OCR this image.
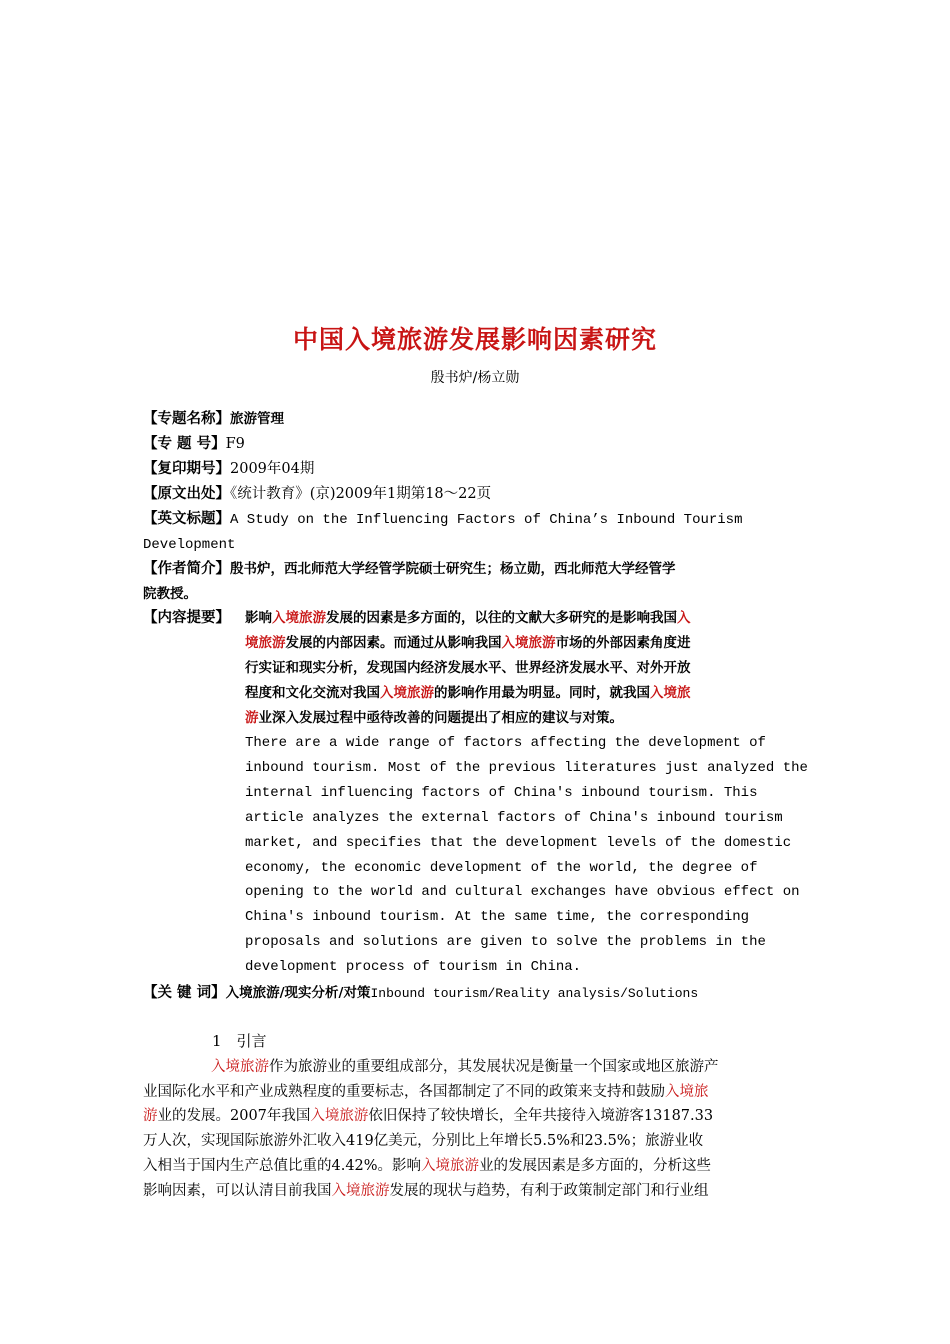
中国入境旅游发展影响因素研究
殷书炉/杨立勋
【专题名称】旅游管理
【专 题 号】F9
【复印期号】2009年04期
【原文出处】《统计教育》(京)2009年1期第18～22页
【英文标题】A Study on the Influencing Factors of China’s Inbound Tourism
Development
【作者简介】殷书炉，西北师范大学经管学院硕士研究生；杨立勋，西北师范大学经管学
院教授。
【内容提要】 影响入境旅游发展的因素是多方面的，以往的文献大多研究的是影响我国入
境旅游发展的内部因素。而通过从影响我国入境旅游市场的外部因素角度进
行实证和现实分析，发现国内经济发展水平、世界经济发展水平、对外开放
程度和文化交流对我国入境旅游的影响作用最为明显。同时，就我国入境旅
游业深入发展过程中亟待改善的问题提出了相应的建议与对策。
There are a wide range of factors affecting the development of
inbound tourism. Most of the previous literatures just analyzed the
internal influencing factors of China's inbound tourism. This
article analyzes the external factors of China's inbound tourism
market, and specifies that the development levels of the domestic
economy, the economic development of the world, the degree of
opening to the world and cultural exchanges have obvious effect on
China's inbound tourism. At the same time, the corresponding
proposals and solutions are given to solve the problems in the
development process of tourism in China.
【关 键 词】入境旅游/现实分析/对策Inbound tourism/Reality analysis/Solutions
1　引言
入境旅游作为旅游业的重要组成部分，其发展状况是衡量一个国家或地区旅游产
业国际化水平和产业成熟程度的重要标志，各国都制定了不同的政策来支持和鼓励入境旅
游业的发展。2007年我国入境旅游依旧保持了较快增长，全年共接待入境游客13187.33
万人次，实现国际旅游外汇收入419亿美元，分别比上年增长5.5%和23.5%；旅游业收
入相当于国内生产总值比重的4.42%。影响入境旅游业的发展因素是多方面的，分析这些
影响因素，可以认清目前我国入境旅游发展的现状与趋势，有利于政策制定部门和行业组
